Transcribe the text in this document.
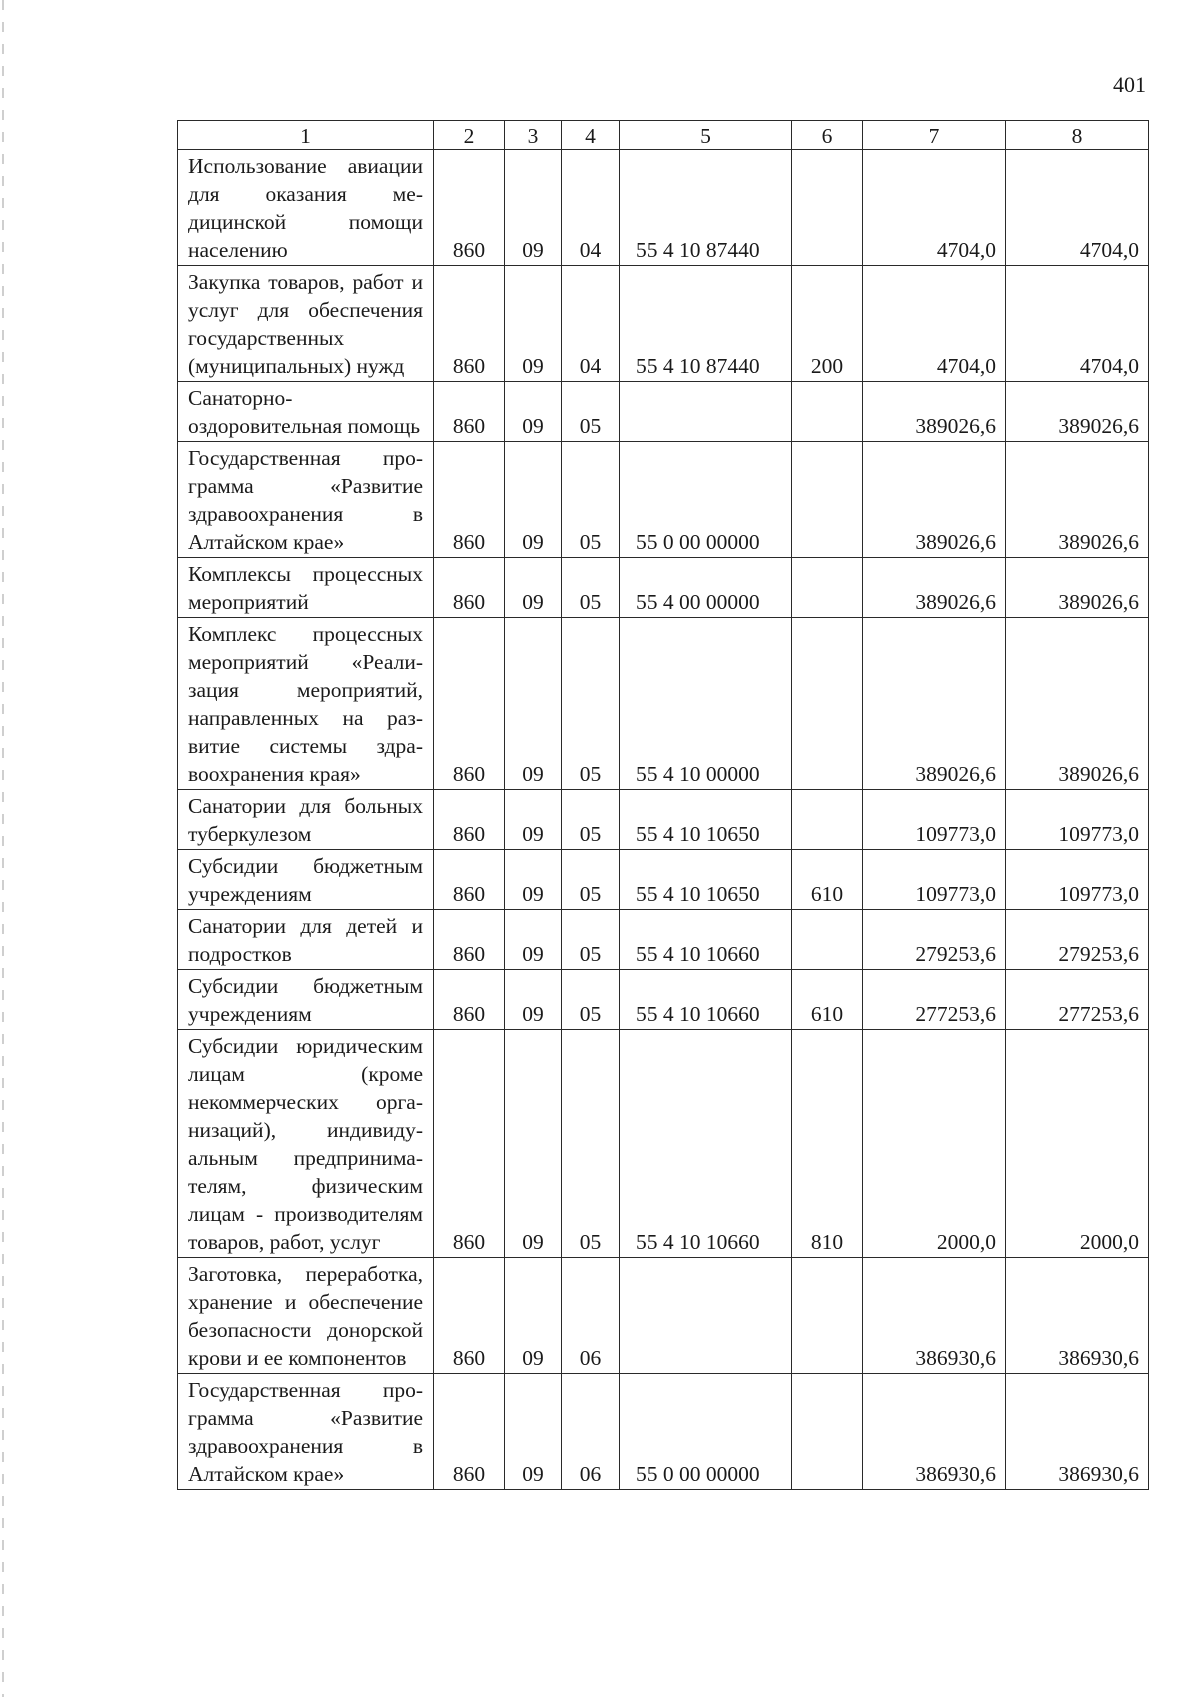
401
1	2	3	4	5	6	7	8
Использование авиации для оказания медицинской помощи населению	860	09	04	55 4 10 87440		4704,0	4704,0
Закупка товаров, работ и услуг для обеспечения государственных (муниципальных) нужд	860	09	04	55 4 10 87440	200	4704,0	4704,0
Санаторно-
оздоровительная помощь	860	09	05			389026,6	389026,6
Государственная программа «Развитие здравоохранения в Алтайском крае»	860	09	05	55 0 00 00000		389026,6	389026,6
Комплексы процессных мероприятий	860	09	05	55 4 00 00000		389026,6	389026,6
Комплекс процессных мероприятий «Реализация мероприятий, направленных на развитие системы здравоохранения края»	860	09	05	55 4 10 00000		389026,6	389026,6
Санатории для больных туберкулезом	860	09	05	55 4 10 10650		109773,0	109773,0
Субсидии бюджетным учреждениям	860	09	05	55 4 10 10650	610	109773,0	109773,0
Санатории для детей и подростков	860	09	05	55 4 10 10660		279253,6	279253,6
Субсидии бюджетным учреждениям	860	09	05	55 4 10 10660	610	277253,6	277253,6
Субсидии юридическим лицам (кроме некоммерческих организаций), индивидуальным предпринимателям, физическим лицам - производителям товаров, работ, услуг	860	09	05	55 4 10 10660	810	2000,0	2000,0
Заготовка, переработка, хранение и обеспечение безопасности донорской крови и ее компонентов	860	09	06			386930,6	386930,6
Государственная программа «Развитие здравоохранения в Алтайском крае»	860	09	06	55 0 00 00000		386930,6	386930,6
